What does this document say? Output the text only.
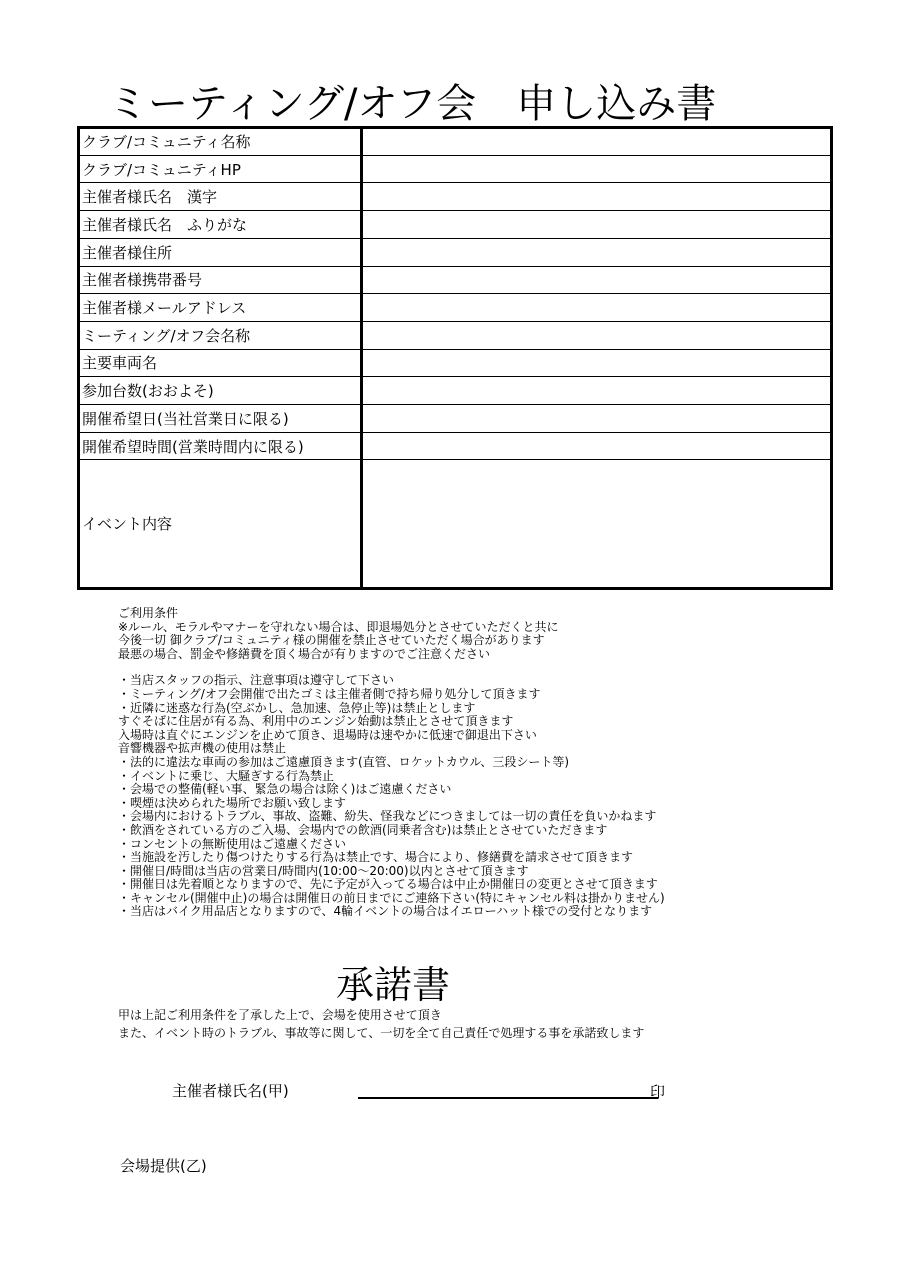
ミーティング/オフ会　申し込み書
クラブ/コミュニティ名称	
クラブ/コミュニティHP	
主催者様氏名　漢字	
主催者様氏名　ふりがな	
主催者様住所	
主催者様携帯番号	
主催者様メールアドレス	
ミーティング/オフ会名称	
主要車両名	
参加台数(おおよそ)	
開催希望日(当社営業日に限る)	
開催希望時間(営業時間内に限る)	
イベント内容	
ご利用条件
※ルール、モラルやマナーを守れない場合は、即退場処分とさせていただくと共に
今後一切 御クラブ/コミュニティ様の開催を禁止させていただく場合があります
最悪の場合、罰金や修繕費を頂く場合が有りますのでご注意ください
・当店スタッフの指示、注意事項は遵守して下さい
・ミーティング/オフ会開催で出たゴミは主催者側で持ち帰り処分して頂きます
・近隣に迷惑な行為(空ぶかし、急加速、急停止等)は禁止とします
すぐそばに住居が有る為、利用中のエンジン始動は禁止とさせて頂きます
入場時は直ぐにエンジンを止めて頂き、退場時は速やかに低速で御退出下さい
音響機器や拡声機の使用は禁止
・法的に違法な車両の参加はご遠慮頂きます(直管、ロケットカウル、三段シート等)
・イベントに乗じ、大騒ぎする行為禁止
・会場での整備(軽い事、緊急の場合は除く)はご遠慮ください
・喫煙は決められた場所でお願い致します
・会場内におけるトラブル、事故、盗難、紛失、怪我などにつきましては一切の責任を負いかねます
・飲酒をされている方のご入場、会場内での飲酒(同乗者含む)は禁止とさせていただきます
・コンセントの無断使用はご遠慮ください
・当施設を汚したり傷つけたりする行為は禁止です、場合により、修繕費を請求させて頂きます
・開催日/時間は当店の営業日/時間内(10:00～20:00)以内とさせて頂きます
・開催日は先着順となりますので、先に予定が入ってる場合は中止か開催日の変更とさせて頂きます
・キャンセル(開催中止)の場合は開催日の前日までにご連絡下さい(特にキャンセル料は掛かりません)
・当店はバイク用品店となりますので、4輪イベントの場合はイエローハット様での受付となります
承諾書
甲は上記ご利用条件を了承した上で、会場を使用させて頂き
また、イベント時のトラブル、事故等に関して、一切を全て自己責任で処理する事を承諾致します
主催者様氏名(甲)	印
会場提供(乙)
